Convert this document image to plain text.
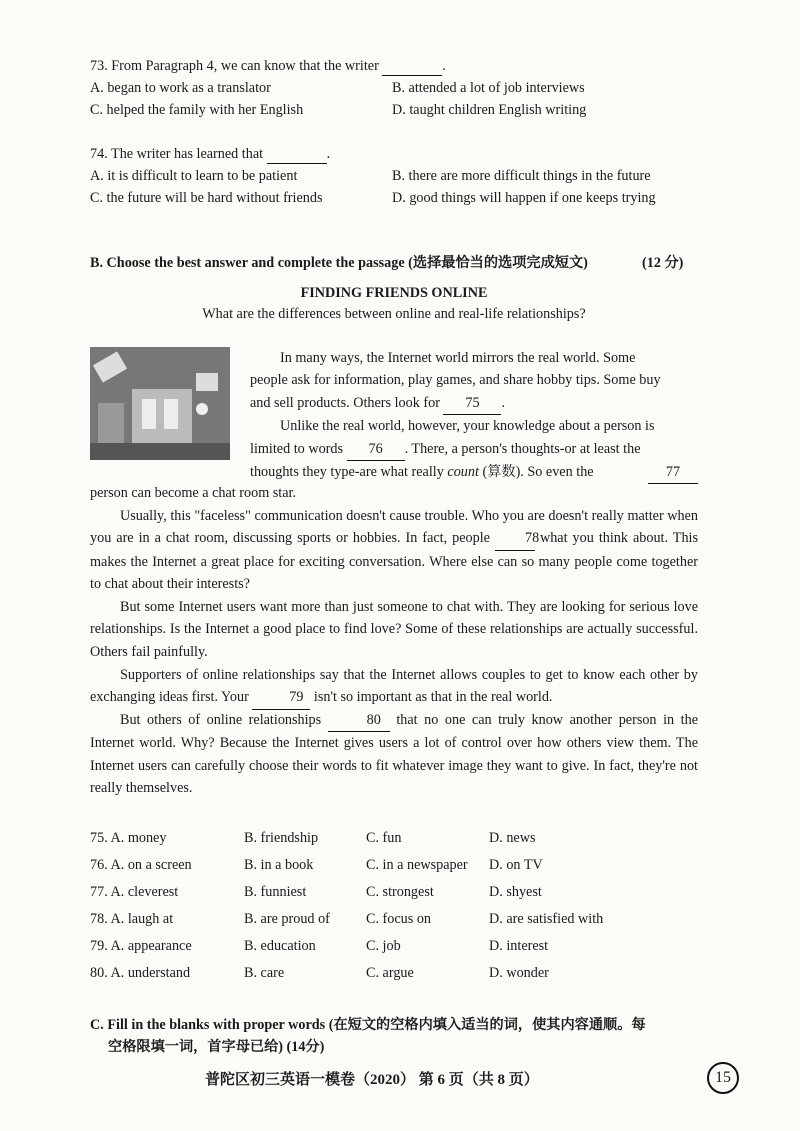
73. From Paragraph 4, we can know that the writer	.
A. began to work as a translator	B. attended a lot of job interviews
C. helped the family with her English	D. taught children English writing
74. The writer has learned that	.
A. it is difficult to learn to be patient	B. there are more difficult things in the future
C. the future will be hard without friends	D. good things will happen if one keeps trying
B. Choose the best answer and complete the passage (选择最恰当的选项完成短文)	(12 分)
FINDING FRIENDS ONLINE
What are the differences between online and real-life relationships?
In many ways, the Internet world mirrors the real world. Some
people ask for information, play games, and share hobby tips. Some buy
and sell products. Others look for 75 .
Unlike the real world, however, your knowledge about a person is
limited to words 76 . There, a person's thoughts-or at least the
thoughts they type-are what really count (算数). So even the	77
person can become a chat room star.
Usually, this "faceless" communication doesn't cause trouble. Who you are doesn't really matter when you are in a chat room, discussing sports or hobbies. In fact, people 78 what you think about. This makes the Internet a great place for exciting conversation. Where else can so many people come together to chat about their interests?
But some Internet users want more than just someone to chat with. They are looking for serious love relationships. Is the Internet a good place to find love? Some of these relationships are actually successful. Others fail painfully.
Supporters of online relationships say that the Internet allows couples to get to know each other by exchanging ideas first. Your	79 isn't so important as that in the real world.
But others of online relationships	80 that no one can truly know another person in the Internet world. Why? Because the Internet gives users a lot of control over how others view them. The Internet users can carefully choose their words to fit whatever image they want to give. In fact, they're not really themselves.
75. A. money	B. friendship	C. fun	D. news
76. A. on a screen	B. in a book	C. in a newspaper D. on TV
77. A. cleverest	B. funniest	C. strongest	D. shyest
78. A. laugh at	B. are proud of	C. focus on	D. are satisfied with
79. A. appearance	B. education	C. job	D. interest
80. A. understand	B. care	C. argue	D. wonder
C. Fill in the blanks with proper words (在短文的空格内填入适当的词，使其内容通顺。每
空格限填一词，首字母已给) (14分)
普陀区初三英语一模卷（2020） 第 6 页（共 8 页）	15
